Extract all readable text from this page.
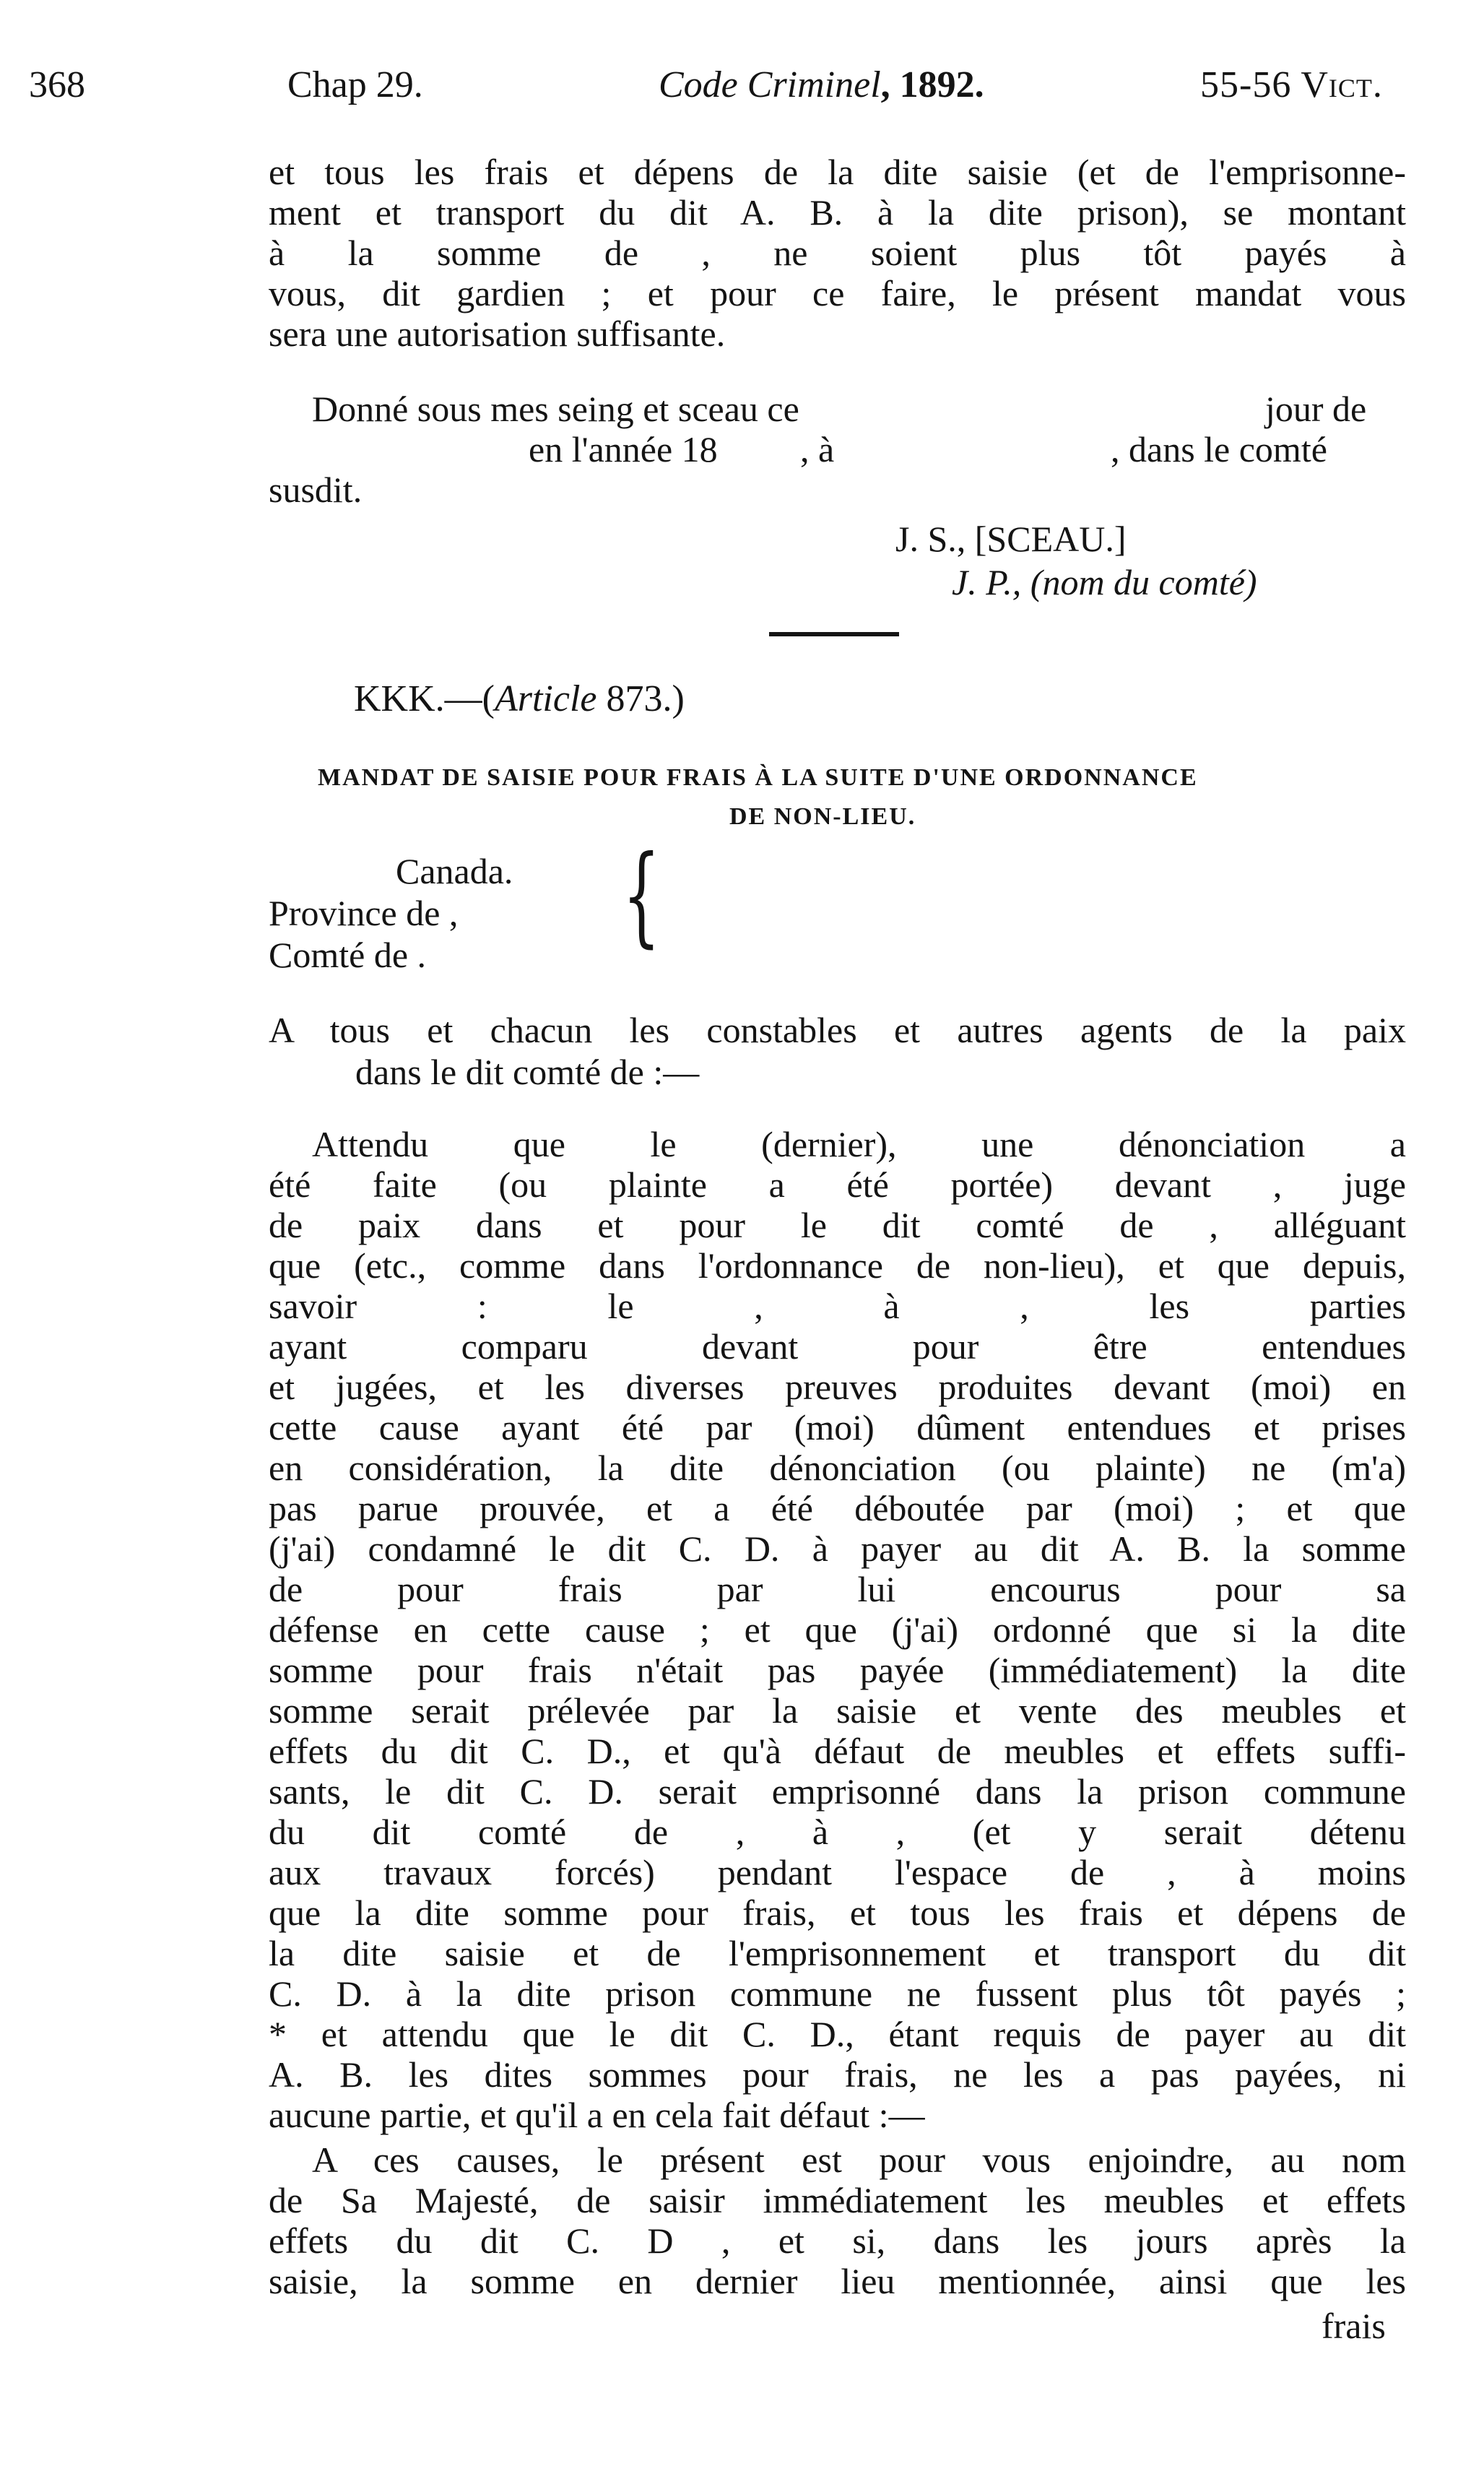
368	Chap 29.	Code Criminel, 1892.	55-56 Vict.
et tous les frais et dépens de la dite saisie (et de l'emprisonne-
ment et transport du dit A. B. à la dite prison), se montant
à la somme de , ne soient plus tôt payés à
vous, dit gardien ; et pour ce faire, le présent mandat vous
sera une autorisation suffisante.
Donné sous mes seing et sceau ce	jour de
en l'année 18 , à	, dans le comté
susdit.
J. S., [SCEAU.]
J. P., (nom du comté)
KKK.—(Article 873.)
MANDAT DE SAISIE POUR FRAIS À LA SUITE D'UNE ORDONNANCE
DE NON-LIEU.
Canada.
Province de ,
Comté de . {
A tous et chacun les constables et autres agents de la paix
dans le dit comté de :—
Attendu que le (dernier), une dénonciation a
été faite (ou plainte a été portée) devant , juge
de paix dans et pour le dit comté de , alléguant
que (etc., comme dans l'ordonnance de non-lieu), et que depuis,
savoir : le , à , les parties
ayant comparu devant pour être entendues
et jugées, et les diverses preuves produites devant (moi) en
cette cause ayant été par (moi) dûment entendues et prises
en considération, la dite dénonciation (ou plainte) ne (m'a)
pas parue prouvée, et a été déboutée par (moi) ; et que
(j'ai) condamné le dit C. D. à payer au dit A. B. la somme
de pour frais par lui encourus pour sa
défense en cette cause ; et que (j'ai) ordonné que si la dite
somme pour frais n'était pas payée (immédiatement) la dite
somme serait prélevée par la saisie et vente des meubles et
effets du dit C. D., et qu'à défaut de meubles et effets suffi-
sants, le dit C. D. serait emprisonné dans la prison commune
du dit comté de , à , (et y serait détenu
aux travaux forcés) pendant l'espace de , à moins
que la dite somme pour frais, et tous les frais et dépens de
la dite saisie et de l'emprisonnement et transport du dit
C. D. à la dite prison commune ne fussent plus tôt payés ;
* et attendu que le dit C. D., étant requis de payer au dit
A. B. les dites sommes pour frais, ne les a pas payées, ni
aucune partie, et qu'il a en cela fait défaut :—
A ces causes, le présent est pour vous enjoindre, au nom
de Sa Majesté, de saisir immédiatement les meubles et effets
effets du dit C. D , et si, dans les jours après la
saisie, la somme en dernier lieu mentionnée, ainsi que les
frais
